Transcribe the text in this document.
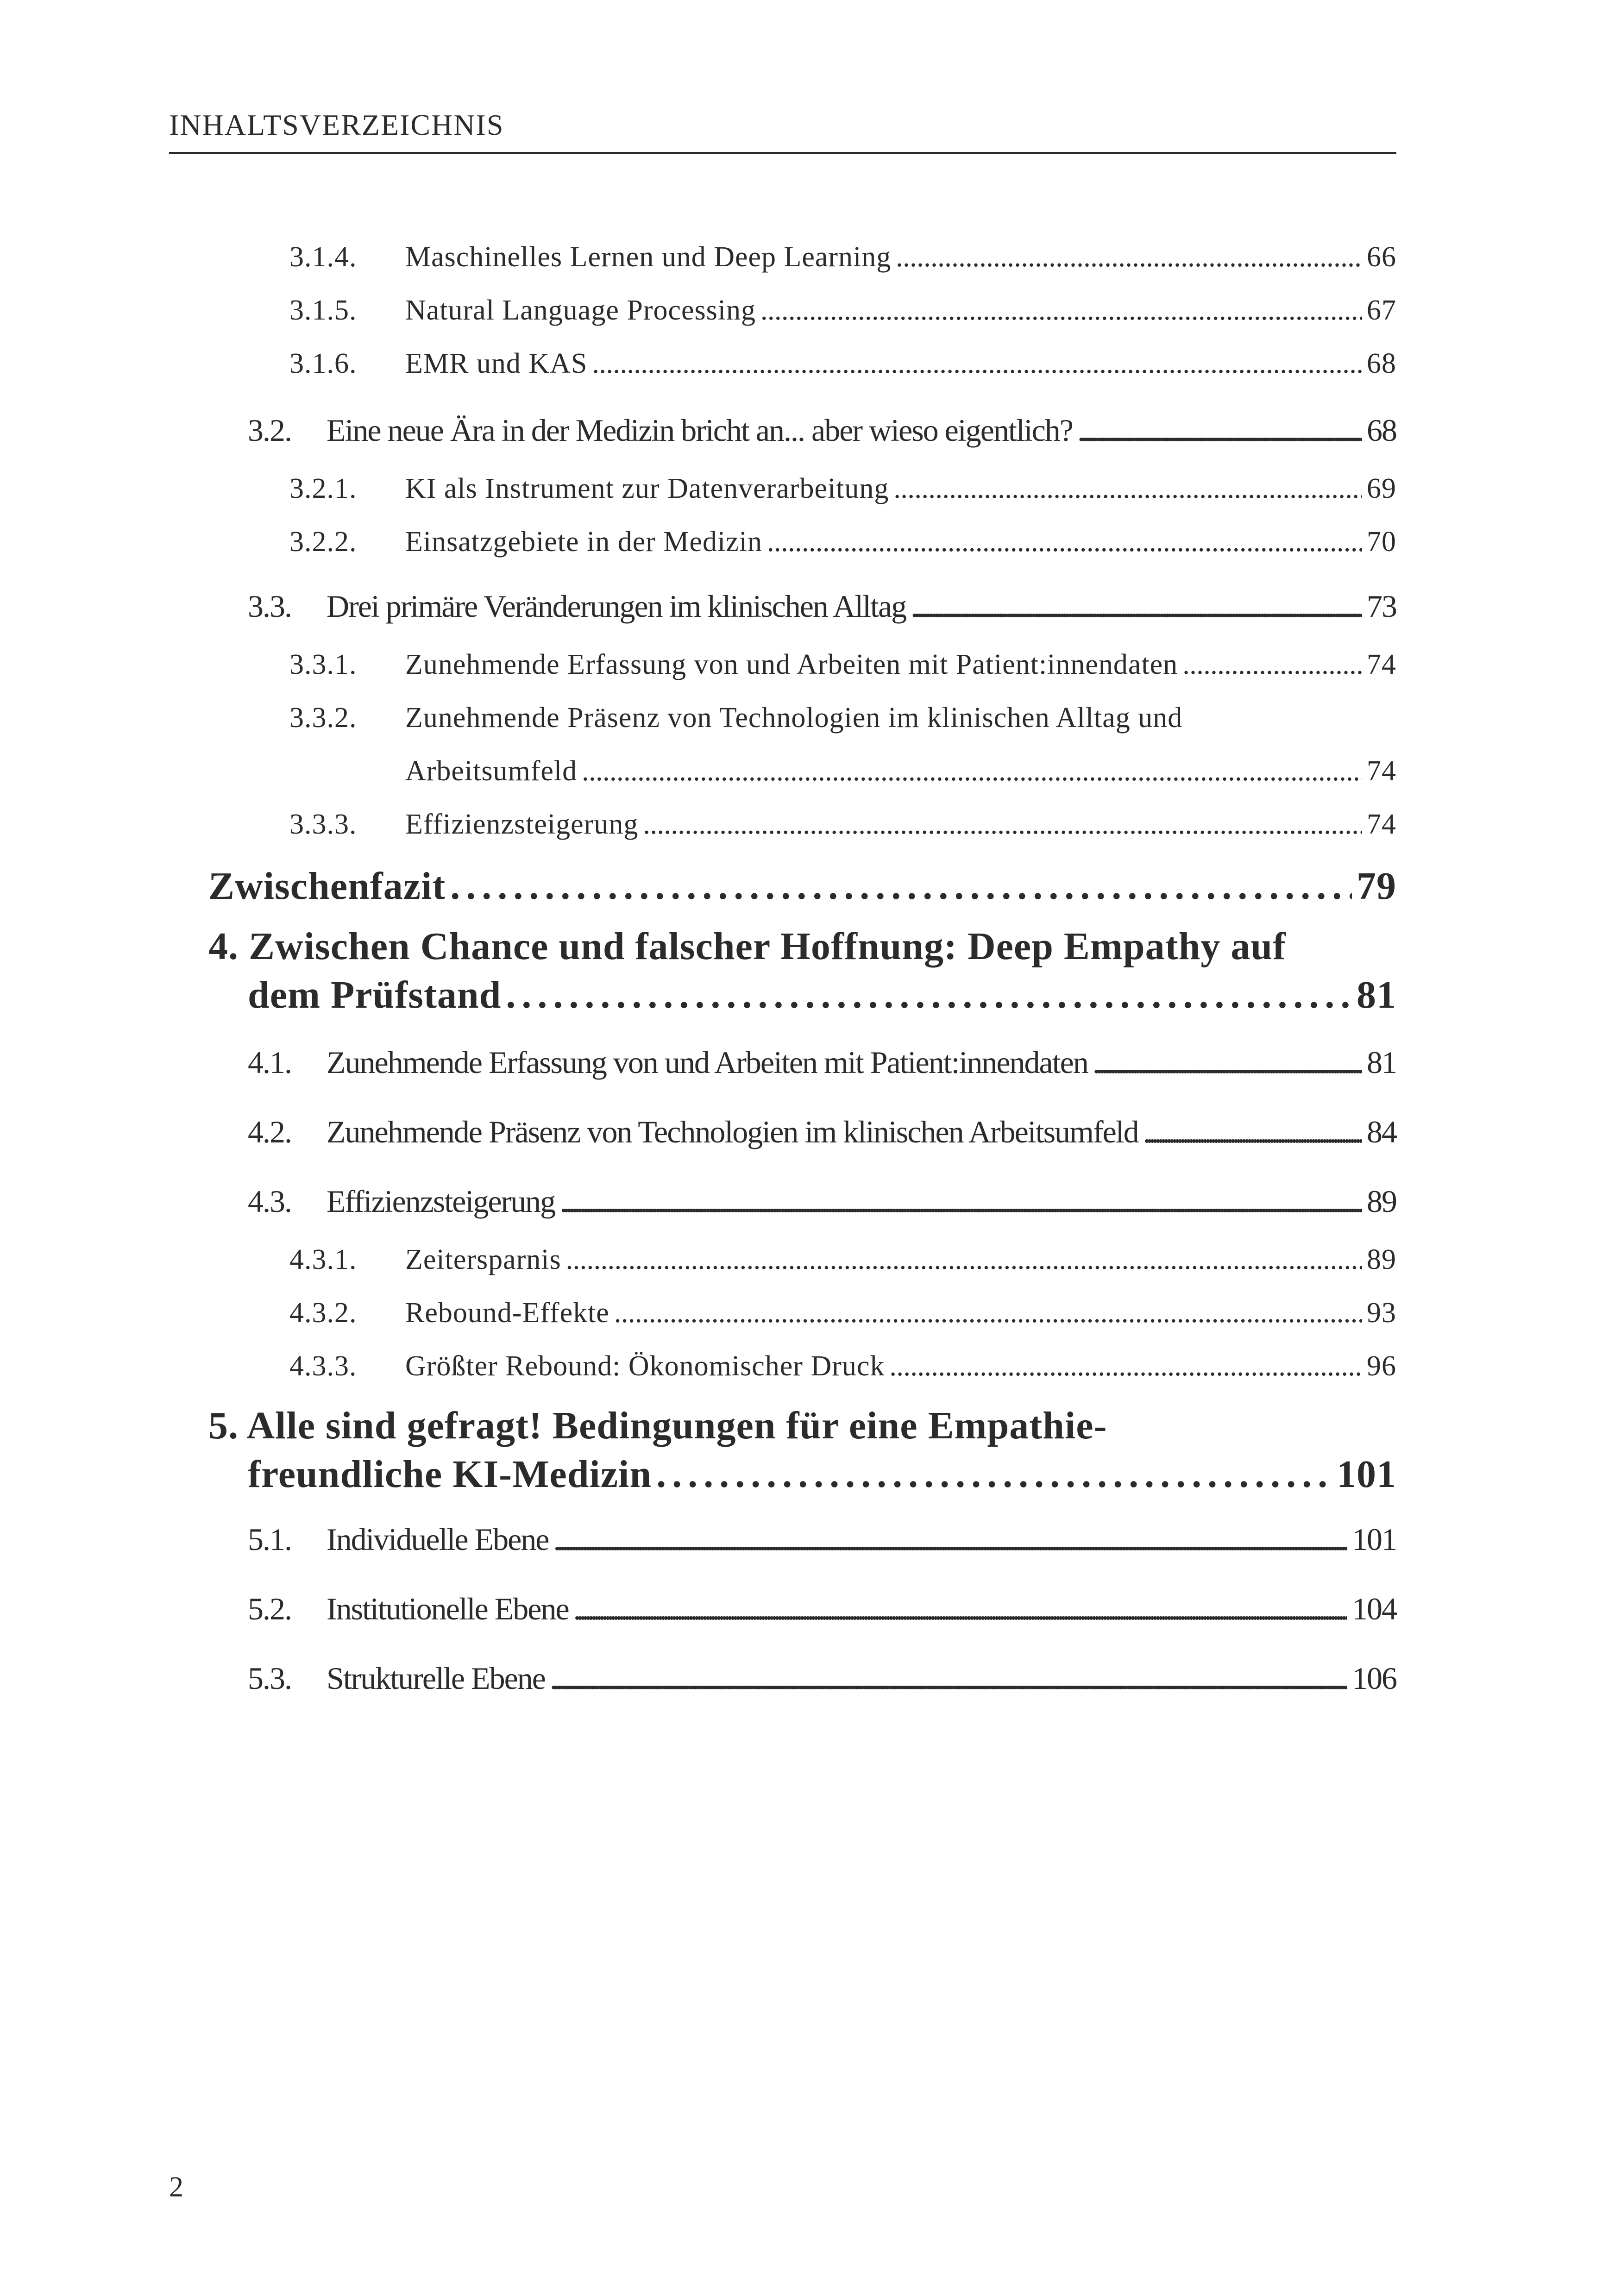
INHALTSVERZEICHNIS
3.1.4.	Maschinelles Lernen und Deep Learning . . .	66
3.1.5.	Natural Language Processing . . .	67
3.1.6.	EMR und KAS . . .	68
3.2.	Eine neue Ära in der Medizin bricht an... aber wieso eigentlich? . . .	68
3.2.1.	KI als Instrument zur Datenverarbeitung . . .	69
3.2.2.	Einsatzgebiete in der Medizin . . .	70
3.3.	Drei primäre Veränderungen im klinischen Alltag . . .	73
3.3.1.	Zunehmende Erfassung von und Arbeiten mit Patient:innendaten . . .	74
3.3.2. Zunehmende Präsenz von Technologien im klinischen Alltag und
Arbeitsumfeld . . .	74
3.3.3.	Effizienzsteigerung . . .	74
Zwischenfazit . . .	79
4. Zwischen Chance und falscher Hoffnung: Deep Empathy auf
dem Prüfstand . . .	81
4.1.	Zunehmende Erfassung von und Arbeiten mit Patient:innendaten . . .	81
4.2.	Zunehmende Präsenz von Technologien im klinischen Arbeitsumfeld . . .	84
4.3.	Effizienzsteigerung . . .	89
4.3.1.	Zeitersparnis . . .	89
4.3.2.	Rebound-Effekte . . .	93
4.3.3.	Größter Rebound: Ökonomischer Druck . . .	96
5. Alle sind gefragt! Bedingungen für eine Empathie-
freundliche KI-Medizin . . .	101
5.1.	Individuelle Ebene . . .	101
5.2.	Institutionelle Ebene . . .	104
5.3.	Strukturelle Ebene . . .	106
2
